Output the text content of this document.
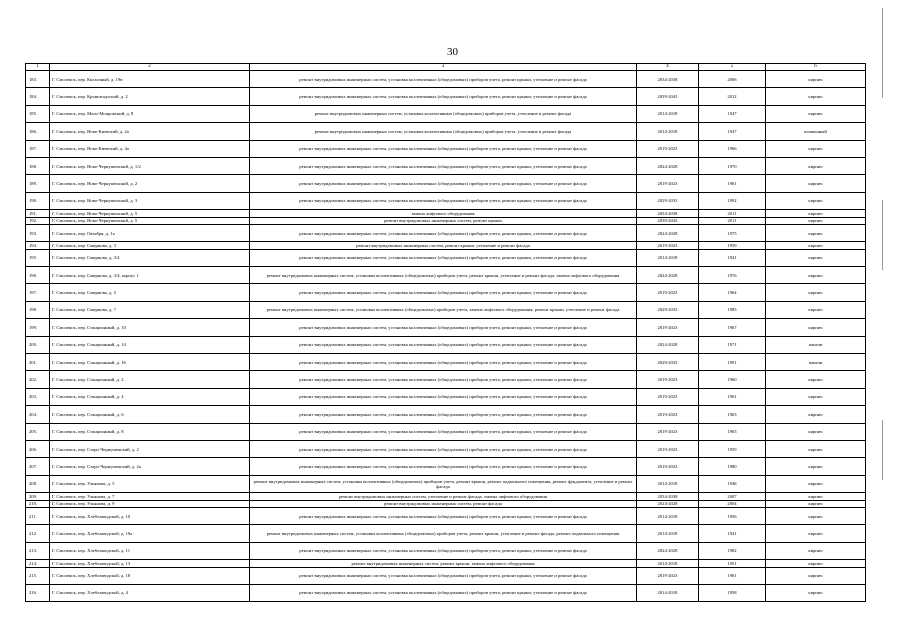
30
1	2	3	4	5	6
183.	Г. Смоленск, пер. Колхозный, д. 19в	ремонт внутридомовых инженерных систем, установка коллективных (общедомовых) приборов учета, ремонт крыши, утепление и ремонт фасада	2034-2038	2006	кирпич
184.	Г. Смоленск, пер. Кронштадтский, д. 2	ремонт внутридомовых инженерных систем, установка коллективных (общедомовых) приборов учета, ремонт крыши, утепление и ремонт фасада	2039-2043	2012	кирпич
185.	Г. Смоленск, пер. Мало-Мопровский, д. 8	ремонт внутридомовых инженерных систем, установка коллективных (общедомовых) приборов учета, утепление и ремонт фасада	2014-2018	1947	кирпич
186.	Г. Смоленск, пер. Ново-Киевский, д. 2а	ремонт внутридомовых инженерных систем, установка коллективных (общедомовых) приборов учета, утепление и ремонт фасада	2014-2018	1947	шлаконный
187.	Г. Смоленск, пер. Ново-Киевский, д. 4а	ремонт внутридомовых инженерных систем, установка коллективных (общедомовых) приборов учета, ремонт крыши, утепление и ремонт фасада	2019-2023	1966	кирпич
188.	Г. Смоленск, пер. Ново-Чернушенский, д. 1/2	ремонт внутридомовых инженерных систем, установка коллективных (общедомовых) приборов учета, ремонт крыши, утепление и ремонт фасада	2024-2028	1970	кирпич
189.	Г. Смоленск, пер. Ново-Чернушенский, д. 2	ремонт внутридомовых инженерных систем, установка коллективных (общедомовых) приборов учета, ремонт крыши, утепление и ремонт фасада	2019-2023	1961	кирпич
190.	Г. Смоленск, пер. Ново-Чернушенский, д. 3	ремонт внутридомовых инженерных систем, установка коллективных (общедомовых) приборов учета, ремонт крыши, утепление и ремонт фасада	2029-2033	1992	кирпич
191.	Г. Смоленск, пер. Ново-Чернушенский, д. 5	замена лифтового оборудования	2034-2038	2011	кирпич
192.	Г. Смоленск, пер. Ново-Чернушенский, д. 5	ремонт внутридомовых инженерных систем, ремонт крыши	2039-2043	2011	кирпич
193.	Г. Смоленск, пер. Октября, д. 1а	ремонт внутридомовых инженерных систем, установка коллективных (общедомовых) приборов учета, ремонт крыши, утепление и ремонт фасада	2024-2028	1975	кирпич
194.	Г. Смоленск, пер. Смирнова, д. 3	ремонт внутридомовых инженерных систем, ремонт крыши, утепление и ремонт фасада	2019-2023	1959	кирпич
195.	Г. Смоленск, пер. Смирнова, д. 3/4	ремонт внутридомовых инженерных систем, установка коллективных (общедомовых) приборов учета, ремонт крыши, утепление и ремонт фасада	2014-2018	1941	кирпич
196.	Г. Смоленск, пер. Смирнова, д. 3/4, корпус 1	ремонт внутридомовых инженерных систем, установка коллективных (общедомовых) приборов учета, ремонт крыши, утепление и ремонт фасада, замена лифтового оборудования	2024-2028	1976	кирпич
197.	Г. Смоленск, пер. Смирнова, д. 5	ремонт внутридомовых инженерных систем, установка коллективных (общедомовых) приборов учета, ремонт крыши, утепление и ремонт фасада	2019-2023	1964	кирпич
198.	Г. Смоленск, пер. Смирнова, д. 7	ремонт внутридомовых инженерных систем, установка коллективных (общедомовых) приборов учета, замена лифтового оборудования, ремонт крыши, утепление и ремонт фасада	2029-2033	1985	кирпич
199.	Г. Смоленск, пер. Станционный, д. 10	ремонт внутридомовых инженерных систем, установка коллективных (общедомовых) приборов учета, ремонт крыши, утепление и ремонт фасада	2019-2023	1967	кирпич
200.	Г. Смоленск, пер. Станционный, д. 14	ремонт внутридомовых инженерных систем, установка коллективных (общедомовых) приборов учета, ремонт крыши, утепление и ремонт фасада	2024-2028	1971	панели
201.	Г. Смоленск, пер. Станционный, д. 16	ремонт внутридомовых инженерных систем, установка коллективных (общедомовых) приборов учета, ремонт крыши, утепление и ремонт фасада	2029-2033	1991	панели
202.	Г. Смоленск, пер. Станционный, д. 2	ремонт внутридомовых инженерных систем, установка коллективных (общедомовых) приборов учета, ремонт крыши, утепление и ремонт фасада	2019-2023	1960	кирпич
203.	Г. Смоленск, пер. Станционный, д. 4	ремонт внутридомовых инженерных систем, установка коллективных (общедомовых) приборов учета, ремонт крыши, утепление и ремонт фасада	2019-2023	1961	кирпич
204.	Г. Смоленск, пер. Станционный, д. 6	ремонт внутридомовых инженерных систем, установка коллективных (общедомовых) приборов учета, ремонт крыши, утепление и ремонт фасада	2019-2023	1963	кирпич
205.	Г. Смоленск, пер. Станционный, д. 8	ремонт внутридомовых инженерных систем, установка коллективных (общедомовых) приборов учета, ремонт крыши, утепление и ремонт фасада	2019-2023	1965	кирпич
206.	Г. Смоленск, пер. Старо-Чернушенский, д. 2	ремонт внутридомовых инженерных систем, установка коллективных (общедомовых) приборов учета, ремонт крыши, утепление и ремонт фасада	2019-2023	1959	кирпич
207.	Г. Смоленск, пер. Старо-Чернушенский, д. 2а	ремонт внутридомовых инженерных систем, установка коллективных (общедомовых) приборов учета, ремонт крыши, утепление и ремонт фасада	2019-2023	1980	кирпич
208.	Г. Смоленск, пер. Ульянова, д. 5	ремонт внутридомовых инженерных систем, установка коллективных (общедомовых) приборов учета, ремонт крыши, ремонт подвального помещения, ремонт фундамента, утепление и ремонт фасада	2014-2018	1948	кирпич
209.	Г. Смоленск, пер. Ульянова, д. 7	ремонт внутридомовых инженерных систем, утепление и ремонт фасада, замена лифтового оборудования	2034-2038	2007	кирпич
210.	Г. Смоленск, пер. Ульянова, д. 9	ремонт внутридомовых инженерных систем, ремонт фасада	2024-2028	2004	кирпич
211.	Г. Смоленск, пер. Хлебозаводской, д. 10	ремонт внутридомовых инженерных систем, установка коллективных (общедомовых) приборов учета, ремонт крыши, утепление и ремонт фасада	2014-2018	1956	кирпич
212.	Г. Смоленск, пер. Хлебозаводской, д. 10а	ремонт внутридомовых инженерных систем, установка коллективных (общедомовых) приборов учета, ремонт крыши, утепление и ремонт фасада, ремонт подвального помещения	2014-2018	1941	кирпич
213.	Г. Смоленск, пер. Хлебозаводской, д. 11	ремонт внутридомовых инженерных систем, установка коллективных (общедомовых) приборов учета, ремонт крыши, утепление и ремонт фасада	2024-2028	1982	кирпич
214.	Г. Смоленск, пер. Хлебозаводской, д. 13	ремонт внутридомовых инженерных систем, ремонт крыши, замена лифтового оборудования	2014-2018	1951	кирпич
215.	Г. Смоленск, пер. Хлебозаводской, д. 18	ремонт внутридомовых инженерных систем, установка коллективных (общедомовых) приборов учета, ремонт крыши, утепление и ремонт фасада	2019-2023	1961	кирпич
216.	Г. Смоленск, пер. Хлебозаводской, д. 4	ремонт внутридомовых инженерных систем, установка коллективных (общедомовых) приборов учета, ремонт крыши, утепление и ремонт фасада	2014-2018	1958	кирпич
